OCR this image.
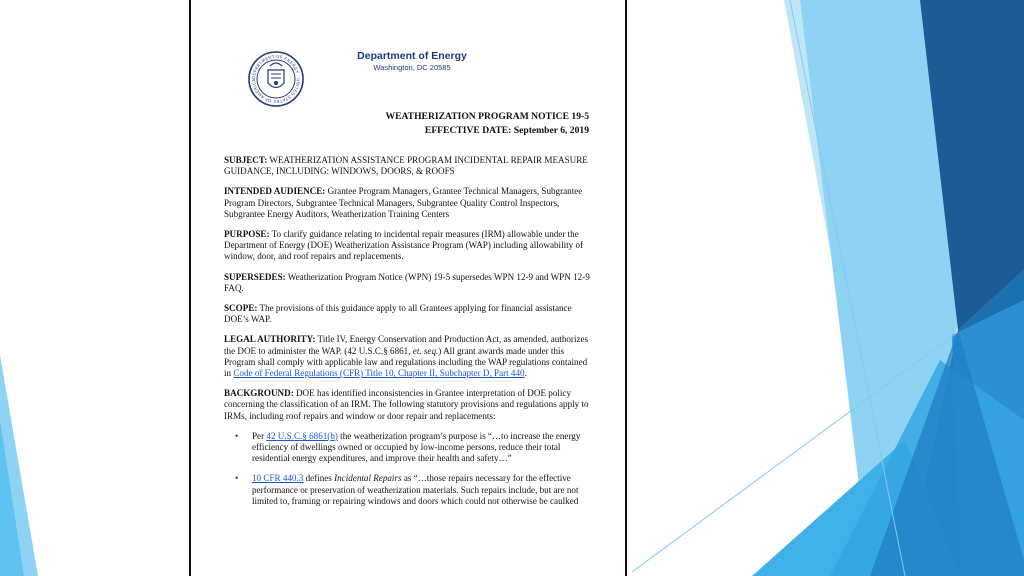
DEPARTMENT OF ENERGY · UNITED STATES OF AMERICA
Department of Energy
Washington, DC 20585
WEATHERIZATION PROGRAM NOTICE 19-5
EFFECTIVE DATE: September 6, 2019

SUBJECT: WEATHERIZATION ASSISTANCE PROGRAM INCIDENTAL REPAIR MEASURE GUIDANCE, INCLUDING: WINDOWS, DOORS, & ROOFS

INTENDED AUDIENCE: Grantee Program Managers, Grantee Technical Managers, Subgrantee Program Directors, Subgrantee Technical Managers, Subgrantee Quality Control Inspectors, Subgrantee Energy Auditors, Weatherization Training Centers

PURPOSE: To clarify guidance relating to incidental repair measures (IRM) allowable under the Department of Energy (DOE) Weatherization Assistance Program (WAP) including allowability of window, door, and roof repairs and replacements.

SUPERSEDES: Weatherization Program Notice (WPN) 19-5 supersedes WPN 12-9 and WPN 12-9 FAQ.

SCOPE: The provisions of this guidance apply to all Grantees applying for financial assistance DOE’s WAP.

LEGAL AUTHORITY: Title IV, Energy Conservation and Production Act, as amended, authorizes the DOE to administer the WAP. (42 U.S.C.§ 6861, et. seq.) All grant awards made under this Program shall comply with applicable law and regulations including the WAP regulations contained in Code of Federal Regulations (CFR) Title 10, Chapter II, Subchapter D, Part 440.

BACKGROUND: DOE has identified inconsistencies in Grantee interpretation of DOE policy concerning the classification of an IRM. The following statutory provisions and regulations apply to IRMs, including roof repairs and window or door repair and replacements:

• Per 42 U.S.C.§ 6861(b) the weatherization program’s purpose is “…to increase the energy efficiency of dwellings owned or occupied by low-income persons, reduce their total residential energy expenditures, and improve their health and safety…”
• 10 CFR 440.3 defines Incidental Repairs as “…those repairs necessary for the effective performance or preservation of weatherization materials. Such repairs include, but are not limited to, framing or repairing windows and doors which could not otherwise be caulked
